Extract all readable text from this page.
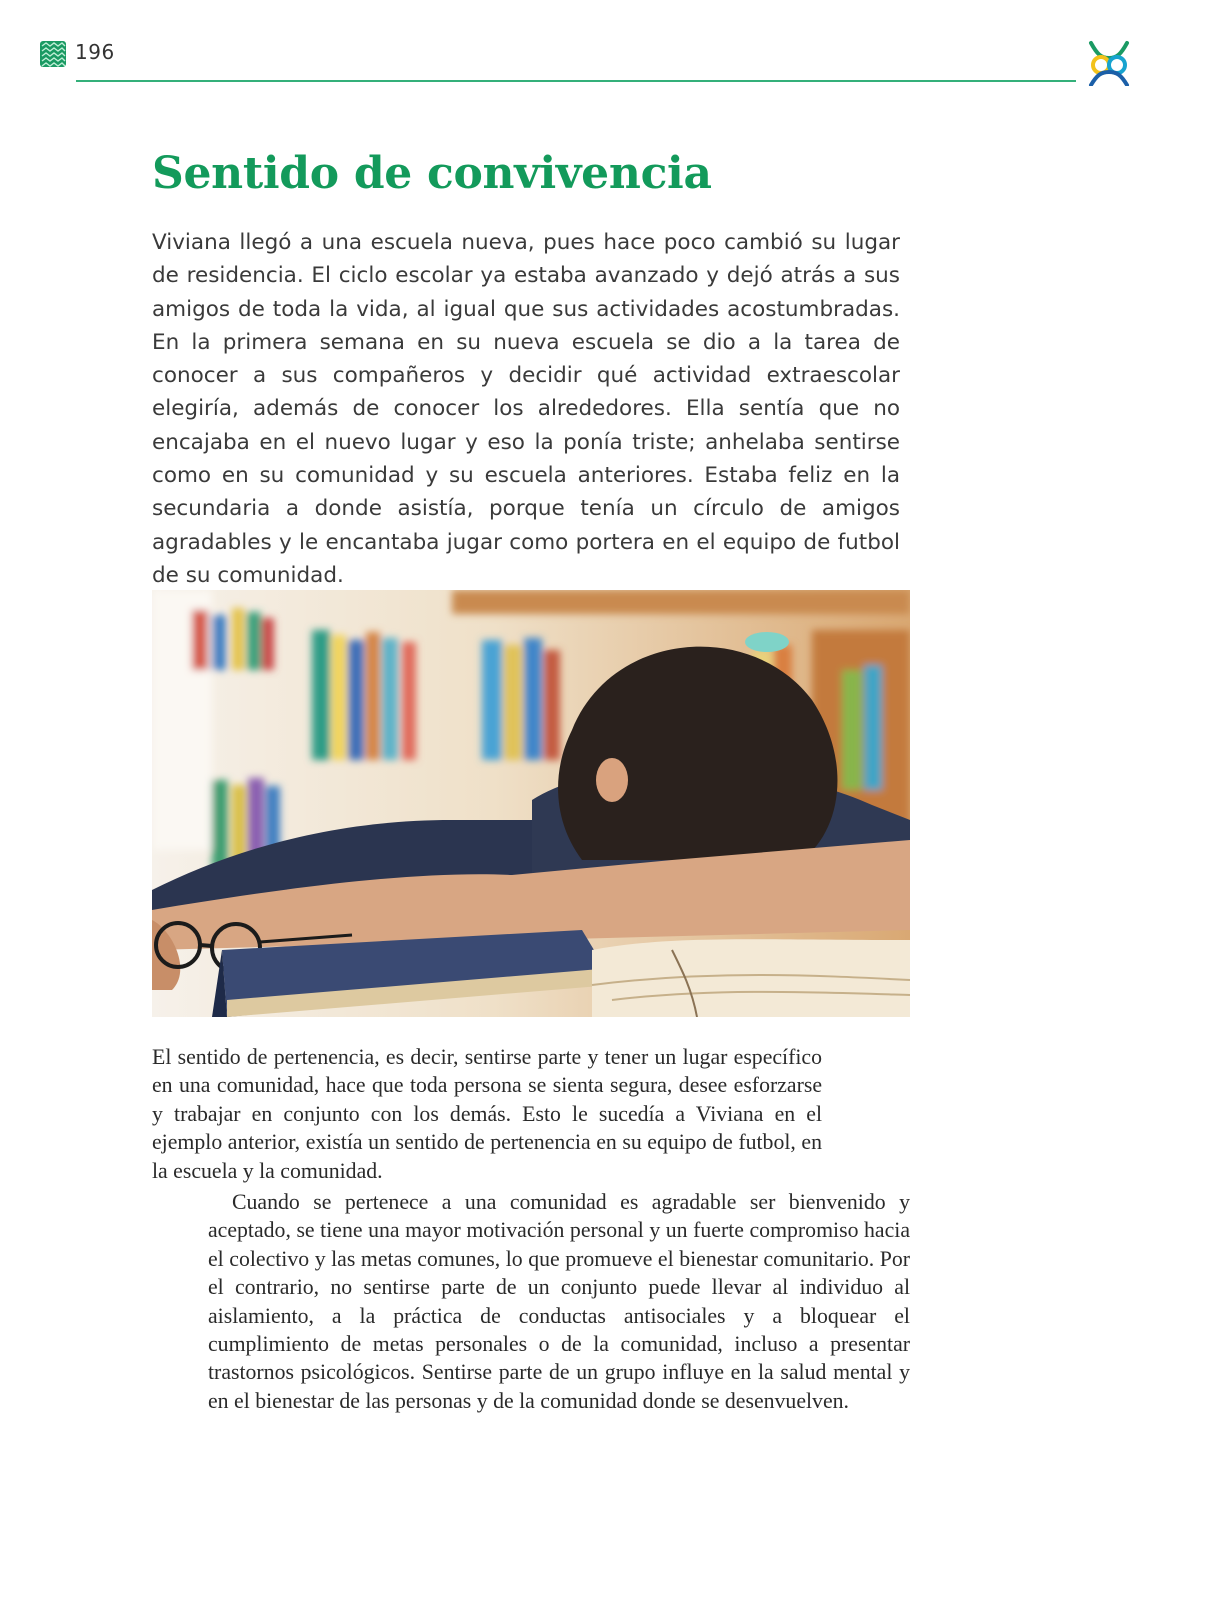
196
Sentido de convivencia

Viviana llegó a una escuela nueva, pues hace poco cambió su lugar de residencia. El ciclo escolar ya estaba avanzado y dejó atrás a sus amigos de toda la vida, al igual que sus actividades acostumbradas. En la primera semana en su nueva escuela se dio a la tarea de conocer a sus compañeros y decidir qué actividad extraescolar elegiría, además de conocer los alrededores. Ella sentía que no encajaba en el nuevo lugar y eso la ponía triste; anhelaba sentirse como en su comunidad y su escuela anteriores. Estaba feliz en la secundaria a donde asistía, porque tenía un círculo de amigos agradables y le encantaba jugar como portera en el equipo de futbol de su comunidad.

El sentido de pertenencia, es decir, sentirse parte y tener un lugar específico en una comunidad, hace que toda persona se sienta segura, desee esforzarse y trabajar en conjunto con los demás. Esto le sucedía a Viviana en el ejemplo anterior, existía un sentido de pertenencia en su equipo de futbol, en la escuela y la comunidad.

Cuando se pertenece a una comunidad es agradable ser bienvenido y aceptado, se tiene una mayor motivación personal y un fuerte compromiso hacia el colectivo y las metas comunes, lo que promueve el bienestar comunitario. Por el contrario, no sentirse parte de un conjunto puede llevar al individuo al aislamiento, a la práctica de conductas antisociales y a bloquear el cumplimiento de metas personales o de la comunidad, incluso a presentar trastornos psicológicos. Sentirse parte de un grupo influye en la salud mental y en el bienestar de las personas y de la comunidad donde se desenvuelven.
